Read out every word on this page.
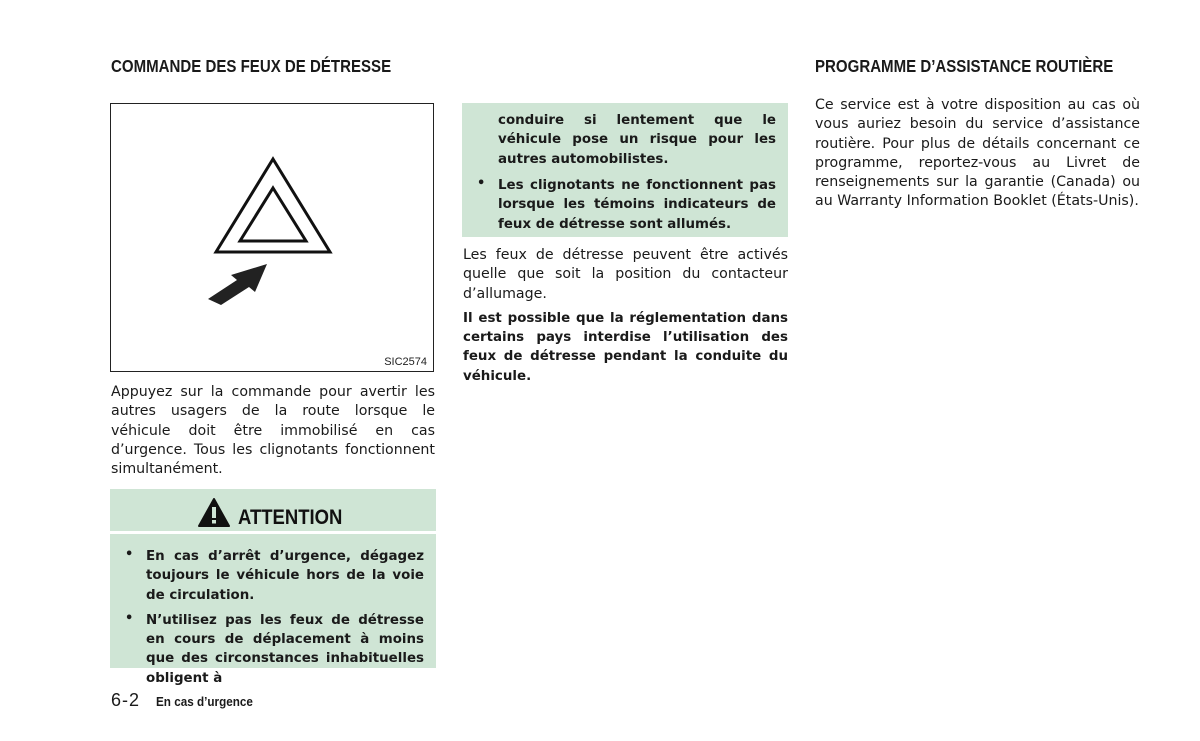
COMMANDE DES FEUX DE DÉTRESSE
SIC2574

Appuyez sur la commande pour avertir les autres usagers de la route lorsque le véhicule doit être immobilisé en cas d’urgence. Tous les clignotants fonctionnent simultanément.

ATTENTION
• En cas d’arrêt d’urgence, dégagez toujours le véhicule hors de la voie de circulation.

• N’utilisez pas les feux de détresse en cours de déplacement à moins que des circonstances inhabituelles obligent à

conduire si lentement que le véhicule pose un risque pour les autres automobilistes.

• Les clignotants ne fonctionnent pas lorsque les témoins indicateurs de feux de détresse sont allumés.

Les feux de détresse peuvent être activés quelle que soit la position du contacteur d’allumage.

Il est possible que la réglementation dans certains pays interdise l’utilisation des feux de détresse pendant la conduite du véhicule.

PROGRAMME D’ASSISTANCE ROUTIÈRE

Ce service est à votre disposition au cas où vous auriez besoin du service d’assistance routière. Pour plus de détails concernant ce programme, reportez-vous au Livret de renseignements sur la garantie (Canada) ou au Warranty Information Booklet (États-Unis).

6-2 En cas d’urgence
